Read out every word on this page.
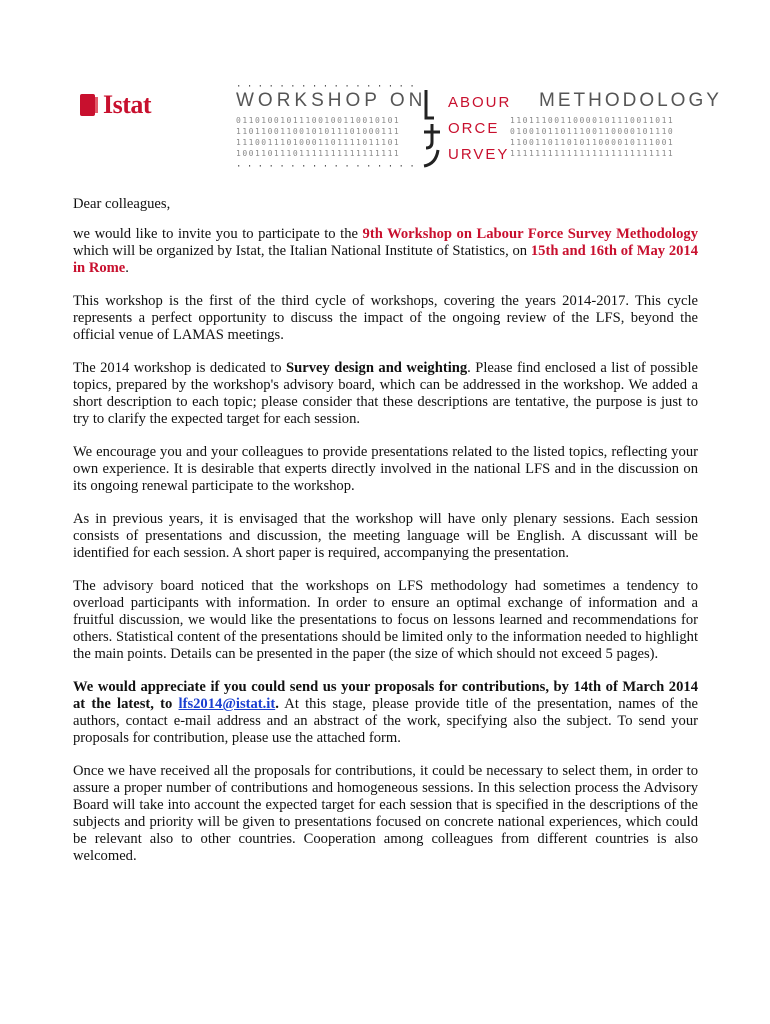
Istat
· · · · · · · · · · · · · · · · ·
WORKSHOP ON
01101001011100100110010101
11011001100101011101000111
11100111010001101111011101
10011011101111111111111111
ABOUR
ORCE
URVEY
METHODOLOGY
11011100110000101110011011
01001011011100110000101110
11001101101011000010111001
11111111111111111111111111
· · · · · · · · · · · · · · · · ·

Dear colleagues,

we would like to invite you to participate to the 9th Workshop on Labour Force Survey Methodology which will be organized by Istat, the Italian National Institute of Statistics, on 15th and 16th of May 2014 in Rome.

This workshop is the first of the third cycle of workshops, covering the years 2014-2017. This cycle represents a perfect opportunity to discuss the impact of the ongoing review of the LFS, beyond the official venue of LAMAS meetings.

The 2014 workshop is dedicated to Survey design and weighting. Please find enclosed a list of possible topics, prepared by the workshop's advisory board, which can be addressed in the workshop. We added a short description to each topic; please consider that these descriptions are tentative, the purpose is just to try to clarify the expected target for each session.

We encourage you and your colleagues to provide presentations related to the listed topics, reflecting your own experience. It is desirable that experts directly involved in the national LFS and in the discussion on its ongoing renewal participate to the workshop.

As in previous years, it is envisaged that the workshop will have only plenary sessions. Each session consists of presentations and discussion, the meeting language will be English. A discussant will be identified for each session. A short paper is required, accompanying the presentation.

The advisory board noticed that the workshops on LFS methodology had sometimes a tendency to overload participants with information. In order to ensure an optimal exchange of information and a fruitful discussion, we would like the presentations to focus on lessons learned and recommendations for others. Statistical content of the presentations should be limited only to the information needed to highlight the main points. Details can be presented in the paper (the size of which should not exceed 5 pages).

We would appreciate if you could send us your proposals for contributions, by 14th of March 2014 at the latest, to lfs2014@istat.it. At this stage, please provide title of the presentation, names of the authors, contact e-mail address and an abstract of the work, specifying also the subject. To send your proposals for contribution, please use the attached form.

Once we have received all the proposals for contributions, it could be necessary to select them, in order to assure a proper number of contributions and homogeneous sessions. In this selection process the Advisory Board will take into account the expected target for each session that is specified in the descriptions of the subjects and priority will be given to presentations focused on concrete national experiences, which could be relevant also to other countries. Cooperation among colleagues from different countries is also welcomed.
